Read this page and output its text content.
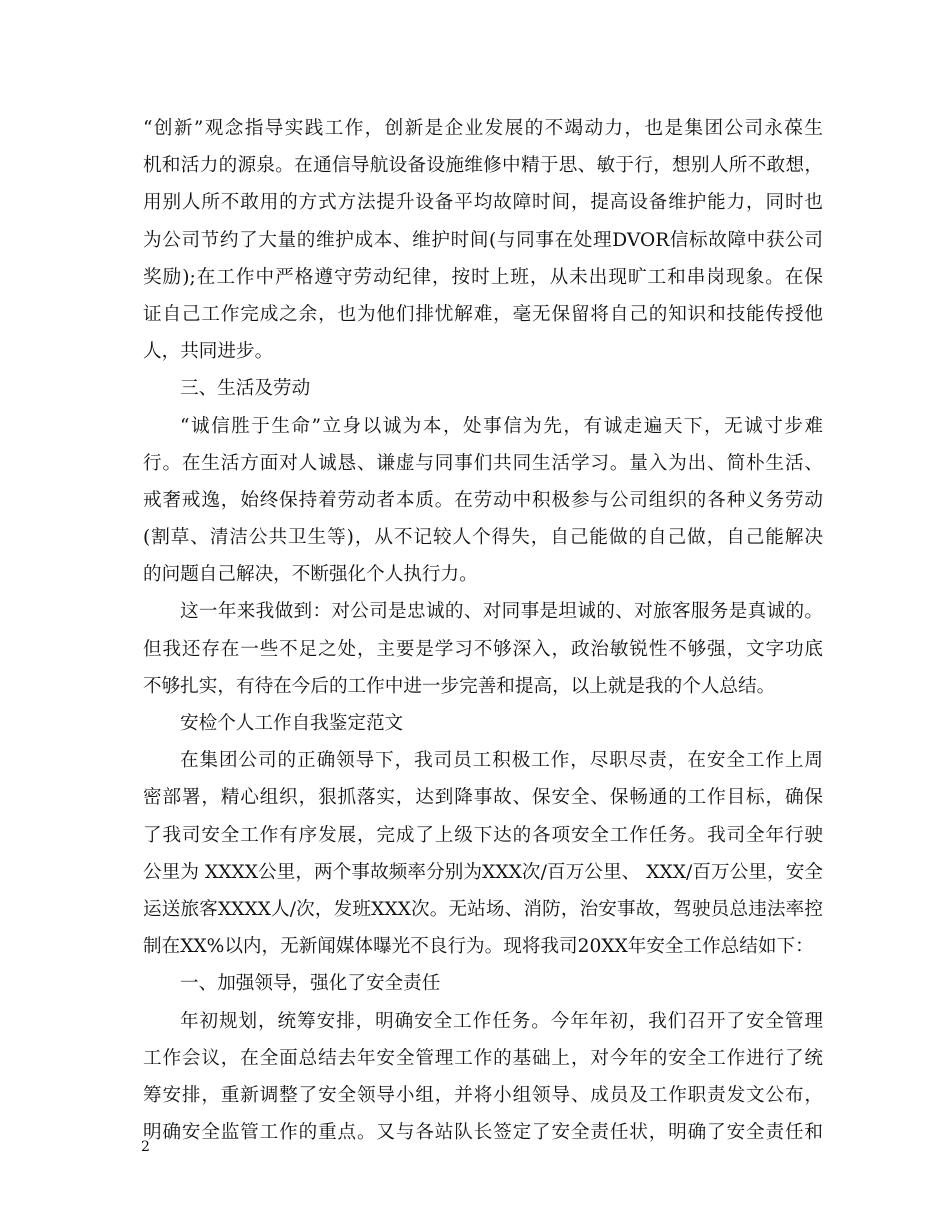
“创新”观念指导实践工作，创新是企业发展的不竭动力，也是集团公司永葆生
机和活力的源泉。在通信导航设备设施维修中精于思、敏于行，想别人所不敢想，
用别人所不敢用的方式方法提升设备平均故障时间，提高设备维护能力，同时也
为公司节约了大量的维护成本、维护时间(与同事在处理DVOR信标故障中获公司
奖励);在工作中严格遵守劳动纪律，按时上班，从未出现旷工和串岗现象。在保
证自己工作完成之余，也为他们排忧解难，毫无保留将自己的知识和技能传授他
人，共同进步。
三、生活及劳动
“诚信胜于生命”立身以诚为本，处事信为先，有诚走遍天下，无诚寸步难
行。在生活方面对人诚恳、谦虚与同事们共同生活学习。量入为出、简朴生活、
戒奢戒逸，始终保持着劳动者本质。在劳动中积极参与公司组织的各种义务劳动
(割草、清洁公共卫生等)，从不记较人个得失，自己能做的自己做，自己能解决
的问题自己解决，不断强化个人执行力。
这一年来我做到：对公司是忠诚的、对同事是坦诚的、对旅客服务是真诚的。
但我还存在一些不足之处，主要是学习不够深入，政治敏锐性不够强，文字功底
不够扎实，有待在今后的工作中进一步完善和提高，以上就是我的个人总结。
安检个人工作自我鉴定范文
在集团公司的正确领导下，我司员工积极工作，尽职尽责，在安全工作上周
密部署，精心组织，狠抓落实，达到降事故、保安全、保畅通的工作目标，确保
了我司安全工作有序发展，完成了上级下达的各项安全工作任务。我司全年行驶
公里为 XXXX公里，两个事故频率分别为XXX次/百万公里、 XXX/百万公里，安全
运送旅客XXXX人/次，发班XXX次。无站场、消防，治安事故，驾驶员总违法率控
制在XX%以内，无新闻媒体曝光不良行为。现将我司20XX年安全工作总结如下：
一、加强领导，强化了安全责任
年初规划，统筹安排，明确安全工作任务。今年年初，我们召开了安全管理
工作会议，在全面总结去年安全管理工作的基础上，对今年的安全工作进行了统
筹安排，重新调整了安全领导小组，并将小组领导、成员及工作职责发文公布，
明确安全监管工作的重点。又与各站队长签定了安全责任状，明确了安全责任和
2
